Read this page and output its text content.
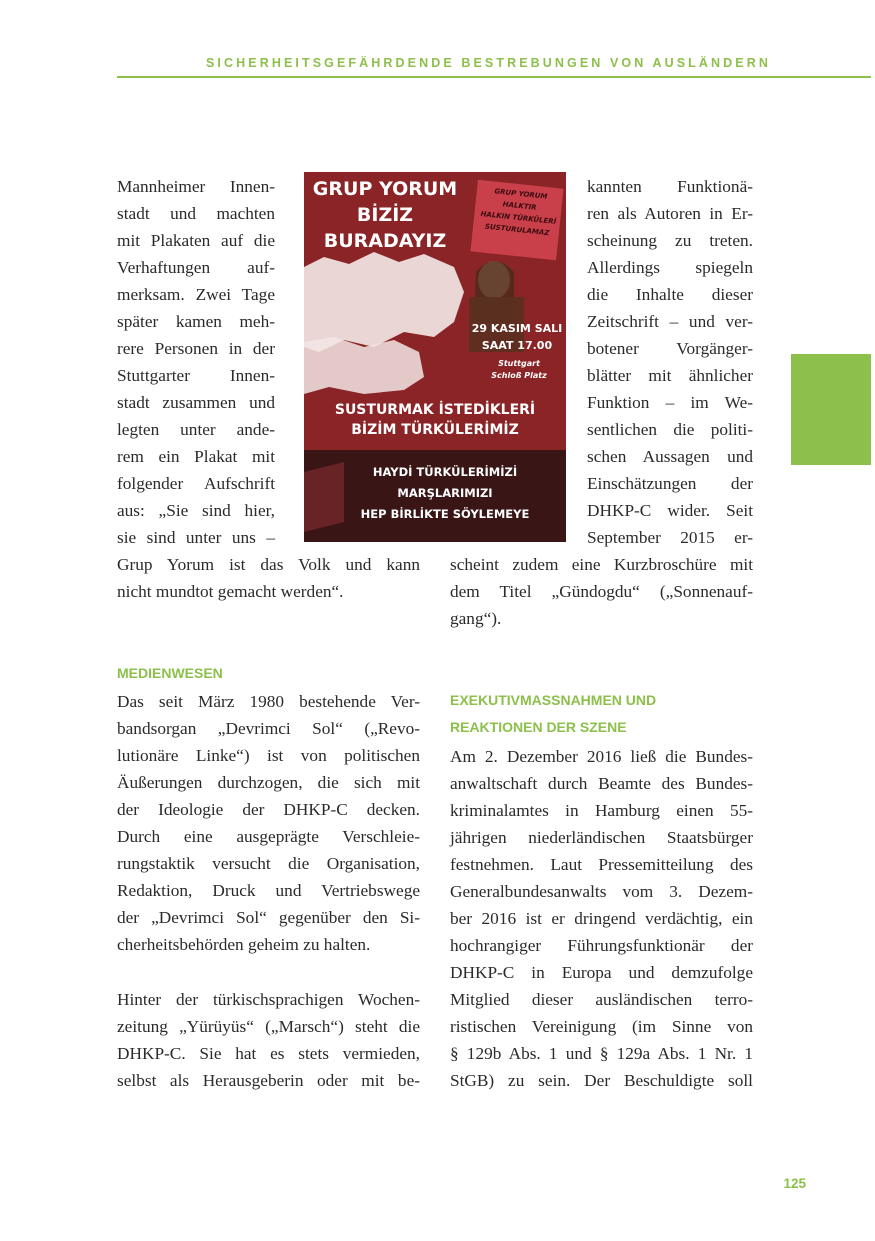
SICHERHEITSGEFÄHRDENDE BESTREBUNGEN VON AUSLÄNDERN
GRUP YORUM
BİZİZ
BURADAYIZ
GRUP YORUM
HALKTIR
HALKIN TÜRKÜLERİ
SUSTURULAMAZ
29 KASIM SALI
SAAT 17.00
Stuttgart
Schloß Platz
SUSTURMAK İSTEDİKLERİ
BİZİM TÜRKÜLERİMİZ
HAYDİ TÜRKÜLERİMİZİ
MARŞLARIMIZI
HEP BİRLİKTE SÖYLEMEYE
Mannheimer Innen-
stadt und machten
mit Plakaten auf die
Verhaftungen auf-
merksam. Zwei Tage
später kamen meh-
rere Personen in der
Stuttgarter Innen-
stadt zusammen und
legten unter ande-
rem ein Plakat mit
folgender Aufschrift
aus: „Sie sind hier,
sie sind unter uns –
Grup Yorum ist das Volk und kann
nicht mundtot gemacht werden“.
kannten Funktionä-
ren als Autoren in Er-
scheinung zu treten.
Allerdings spiegeln
die Inhalte dieser
Zeitschrift – und ver-
botener Vorgänger-
blätter mit ähnlicher
Funktion – im We-
sentlichen die politi-
schen Aussagen und
Einschätzungen der
DHKP-C wider. Seit
September 2015 er-
scheint zudem eine Kurzbroschüre mit
dem Titel „Gündogdu“ („Sonnenauf-
gang“).
MEDIENWESEN
Das seit März 1980 bestehende Ver-
bandsorgan „Devrimci Sol“ („Revo-
lutionäre Linke“) ist von politischen
Äußerungen durchzogen, die sich mit
der Ideologie der DHKP-C decken.
Durch eine ausgeprägte Verschleie-
rungstaktik versucht die Organisation,
Redaktion, Druck und Vertriebswege
der „Devrimci Sol“ gegenüber den Si-
cherheitsbehörden geheim zu halten.
Hinter der türkischsprachigen Wochen-
zeitung „Yürüyüs“ („Marsch“) steht die
DHKP-C. Sie hat es stets vermieden,
selbst als Herausgeberin oder mit be-
EXEKUTIVMASSNAHMEN UND
REAKTIONEN DER SZENE
Am 2. Dezember 2016 ließ die Bundes-
anwaltschaft durch Beamte des Bundes-
kriminalamtes in Hamburg einen 55-
jährigen niederländischen Staatsbürger
festnehmen. Laut Pressemitteilung des
Generalbundesanwalts vom 3. Dezem-
ber 2016 ist er dringend verdächtig, ein
hochrangiger Führungsfunktionär der
DHKP-C in Europa und demzufolge
Mitglied dieser ausländischen terro-
ristischen Vereinigung (im Sinne von
§ 129b Abs. 1 und § 129a Abs. 1 Nr. 1
StGB) zu sein. Der Beschuldigte soll
125
